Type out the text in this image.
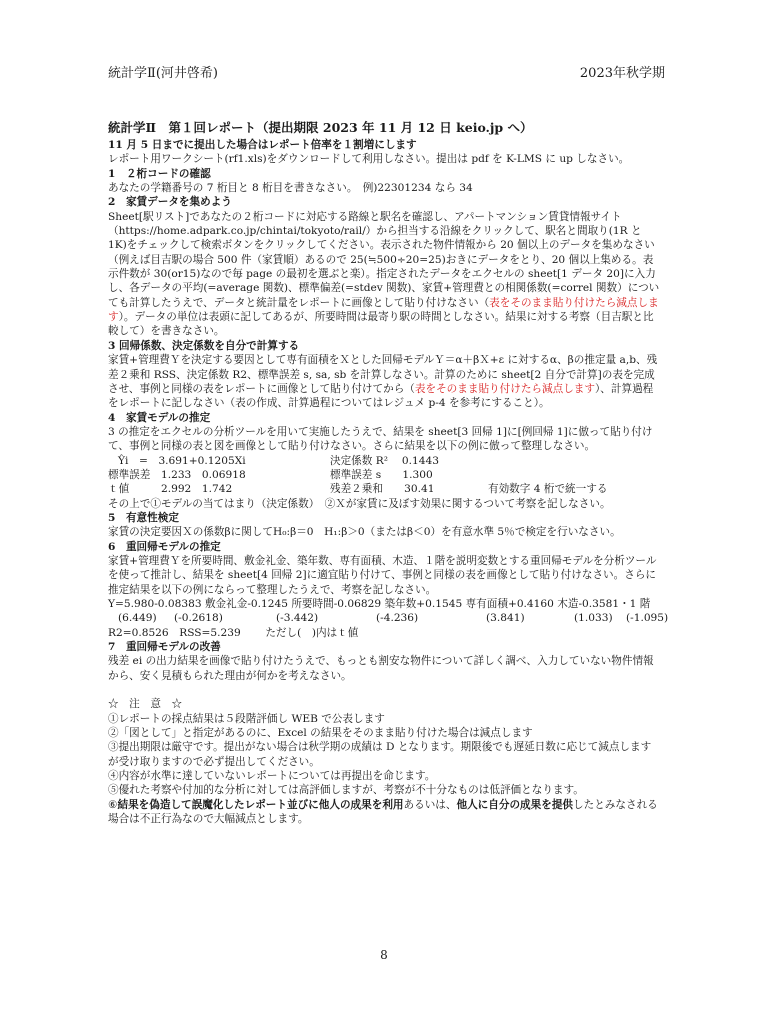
統計学Ⅱ(河井啓希)	2023年秋学期

統計学Ⅱ　第１回レポート（提出期限 2023 年 11 月 12 日 keio.jp へ）

11 月 5 日までに提出した場合はレポート倍率を１割増にします

レポート用ワークシート(rf1.xls)をダウンロードして利用しなさい。提出は pdf を K-LMS に up しなさい。

1　２桁コードの確認

あなたの学籍番号の 7 桁目と 8 桁目を書きなさい。　例)22301234 なら 34

2　家賃データを集めよう

Sheet[駅リスト]であなたの２桁コードに対応する路線と駅名を確認し、アパートマンション賃貸情報サイト（https://home.adpark.co.jp/chintai/tokyoto/rail/）から担当する沿線をクリックして、駅名と間取り(1R と 1K)をチェックして検索ボタンをクリックしてください。表示された物件情報から 20 個以上のデータを集めなさい（例えば目吉駅の場合 500 件（家賃順）あるので 25(≒500÷20=25)おきにデータをとり、20 個以上集める。表示件数が 30(or15)なので毎 page の最初を選ぶと楽）。指定されたデータをエクセルの sheet[1 データ 20]に入力し、各データの平均(=average 関数)、標準偏差(=stdev 関数)、家賃+管理費との相関係数(=correl 関数）についても計算したうえで、データと統計量をレポートに画像として貼り付けなさい（表をそのまま貼り付けたら減点します）。データの単位は表頭に記してあるが、所要時間は最寄り駅の時間としなさい。結果に対する考察（目吉駅と比較して）を書きなさい。

3 回帰係数、決定係数を自分で計算する

家賃+管理費Ｙを決定する要因として専有面積をＸとした回帰モデルＹ＝α＋βＸ+ε に対するα、βの推定量 a,b、残差２乗和 RSS、決定係数 R2、標準誤差 s, sa, sb を計算しなさい。計算のために sheet[2 自分で計算]の表を完成させ、事例と同様の表をレポートに画像として貼り付けてから（表をそのまま貼り付けたら減点します）、計算過程をレポートに記しなさい（表の作成、計算過程についてはレジュメ p-4 を参考にすること）。

4　家賃モデルの推定

3 の推定をエクセルの分析ツールを用いて実施したうえで、結果を sheet[3 回帰 1]に[例回帰 1]に倣って貼り付けて、事例と同様の表と図を画像として貼り付けなさい。さらに結果を以下の例に倣って整理しなさい。

Ŷi　=　3.691+0.1205Xi	決定係数 R²　 0.1443
標準誤差　1.233　0.06918	標準誤差 s　　1.300
ｔ値　　　2.992　1.742	残差２乗和　　30.41	有効数字 4 桁で統一する

その上で①モデルの当てはまり（決定係数）　②Ｘが家賃に及ぼす効果に関するついて考察を記しなさい。

5　有意性検定

家賃の決定要因Ｘの係数βに関してH₀:β＝0　H₁:β＞0（またはβ＜0）を有意水準 5％で検定を行いなさい。

6　重回帰モデルの推定

家賃+管理費Ｙを所要時間、敷金礼金、築年数、専有面積、木造、１階を説明変数とする重回帰モデルを分析ツールを使って推計し、結果を sheet[4 回帰 2]に適宜貼り付けて、事例と同様の表を画像として貼り付けなさい。さらに推定結果を以下の例にならって整理したうえで、考察を記しなさい。

Y=5.980-0.08383 敷金礼金-0.1245 所要時間-0.06829 築年数+0.1545 専有面積+0.4160 木造-0.3581・1 階

(6.449) (-0.2618)	(-3.442)	(-4.236)	(3.841)	(1.033) (-1.095)

R2=0.8526　RSS=5.239　　 ただし(　)内はｔ値

7　重回帰モデルの改善

残差 ei の出力結果を画像で貼り付けたうえで、もっとも割安な物件について詳しく調べ、入力していない物件情報から、安く見積もられた理由が何かを考えなさい。

☆　注　意　☆

①レポートの採点結果は５段階評価し WEB で公表します

②「図として」と指定があるのに、Excel の結果をそのまま貼り付けた場合は減点します

③提出期限は厳守です。提出がない場合は秋学期の成績は D となります。期限後でも遅延日数に応じて減点しますが受け取りますので必ず提出してください。

④内容が水準に達していないレポートについては再提出を命じます。

⑤優れた考察や付加的な分析に対しては高評価しますが、考察が不十分なものは低評価となります。

⑥結果を偽造して誤魔化したレポート並びに他人の成果を利用あるいは、他人に自分の成果を提供したとみなされる場合は不正行為なので大幅減点とします。

8
